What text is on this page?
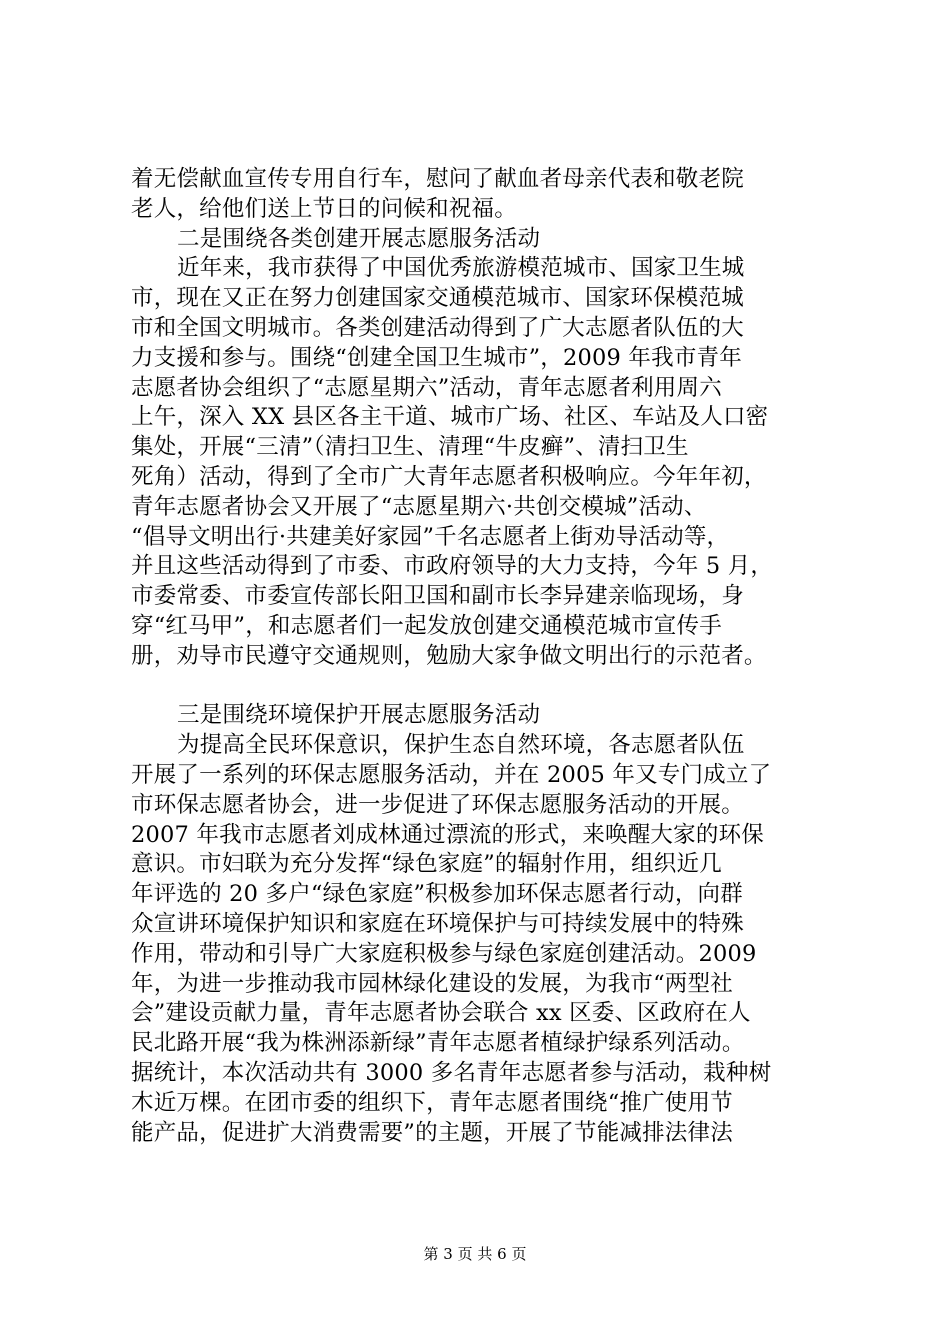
着无偿献血宣传专用自行车，慰问了献血者母亲代表和敬老院
老人，给他们送上节日的问候和祝福。
二是围绕各类创建开展志愿服务活动
近年来，我市获得了中国优秀旅游模范城市、国家卫生城
市，现在又正在努力创建国家交通模范城市、国家环保模范城
市和全国文明城市。各类创建活动得到了广大志愿者队伍的大
力支援和参与。围绕“创建全国卫生城市”，2009 年我市青年
志愿者协会组织了“志愿星期六”活动，青年志愿者利用周六
上午，深入 XX 县区各主干道、城市广场、社区、车站及人口密
集处，开展“三清”（清扫卫生、清理“牛皮癣”、清扫卫生
死角）活动，得到了全市广大青年志愿者积极响应。今年年初，
青年志愿者协会又开展了“志愿星期六·共创交模城”活动、
“倡导文明出行·共建美好家园”千名志愿者上街劝导活动等，
并且这些活动得到了市委、市政府领导的大力支持，今年 5 月，
市委常委、市委宣传部长阳卫国和副市长李异建亲临现场，身
穿“红马甲”，和志愿者们一起发放创建交通模范城市宣传手
册，劝导市民遵守交通规则，勉励大家争做文明出行的示范者。
三是围绕环境保护开展志愿服务活动
为提高全民环保意识，保护生态自然环境，各志愿者队伍
开展了一系列的环保志愿服务活动，并在 2005 年又专门成立了
市环保志愿者协会，进一步促进了环保志愿服务活动的开展。
2007 年我市志愿者刘成林通过漂流的形式，来唤醒大家的环保
意识。市妇联为充分发挥“绿色家庭”的辐射作用，组织近几
年评选的 20 多户“绿色家庭”积极参加环保志愿者行动，向群
众宣讲环境保护知识和家庭在环境保护与可持续发展中的特殊
作用，带动和引导广大家庭积极参与绿色家庭创建活动。2009
年，为进一步推动我市园林绿化建设的发展，为我市“两型社
会”建设贡献力量，青年志愿者协会联合 xx 区委、区政府在人
民北路开展“我为株洲添新绿”青年志愿者植绿护绿系列活动。
据统计，本次活动共有 3000 多名青年志愿者参与活动，栽种树
木近万棵。在团市委的组织下，青年志愿者围绕“推广使用节
能产品，促进扩大消费需要”的主题，开展了节能减排法律法
第 3 页 共 6 页
